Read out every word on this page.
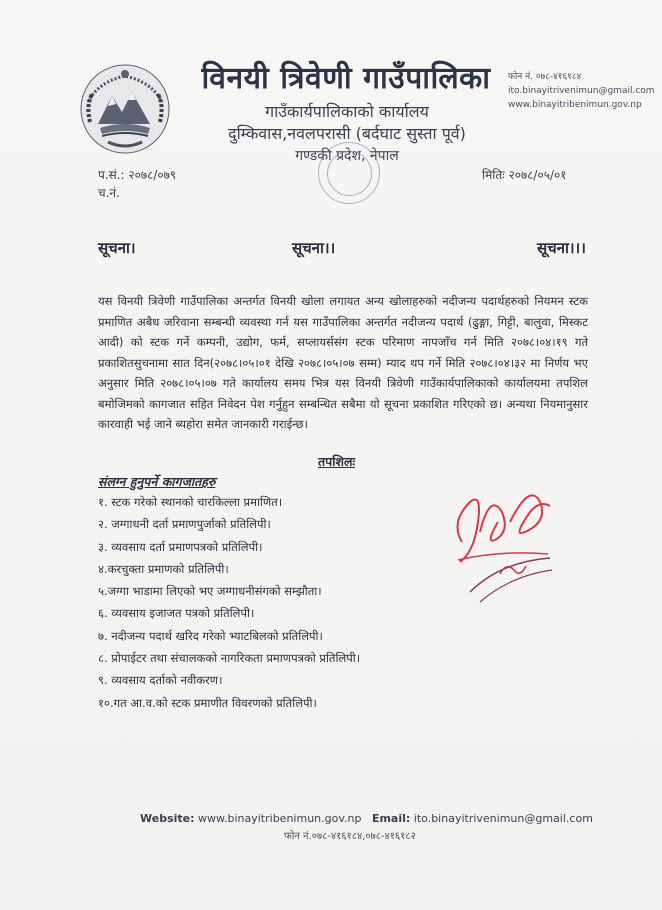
विनयी त्रिवेणी गाउँपालिका
गाउँकार्यपालिकाको कार्यालय
दुम्किवास,नवलपरासी (बर्दघाट सुस्ता पूर्व)
गण्डकी प्रदेश, नेपाल
फोन नं. ०७८-४१६१८४
ito.binayitrivenimun@gmail.com
www.binayitribenimun.gov.np
प.सं.: २०७८/०७९
च.नं.
मितिः २०७८/०५/०१
सूचना।	सूचना।।	सूचना।।।

यस विनयी त्रिवेणी गाउँपालिका अन्तर्गत विनयी खोला लगायत अन्य खोलाहरुको नदीजन्य पदार्थहरुको नियमन स्टक प्रमाणित अबैध जरिवाना सम्बन्धी व्यवस्था गर्न यस गाउँपालिका अन्तर्गत नदीजन्य पदार्थ (ढुङ्गा, गिट्टी, बालुवा, मिस्कट आदी) को स्टक गर्ने कम्पनी, उद्योग, फर्म, सप्लायर्ससंग स्टक परिमाण नापजाँच गर्न मिति २०७८।०४।१९ गते प्रकाशितसुचनामा सात दिन(२०७८।०५।०१ देखि २०७८।०५।०७ सम्म) म्याद थप गर्ने मिति २०७८।०४।३२ मा निर्णय भए अनुसार मिति २०७८।०५।०७ गते कार्यालय समय भित्र यस विनयी त्रिवेणी गाउँकार्यपालिकाको कार्यालयमा तपशिल बमोजिमको कागजात सहित निवेदन पेश गर्नुहुन सम्बन्धित सबैमा यो सूचना प्रकाशित गरिएको छ। अन्यथा नियमानुसार कारवाही भई जाने ब्यहोरा समेत जानकारी गराईन्छ।

तपशिलः
संलग्न हुनुपर्ने कागजातहरु
१. स्टक गरेको स्थानको चारकिल्ला प्रमाणित।
२. जग्गाधनी दर्ता प्रमाणपुर्जाको प्रतिलिपी।
३. व्यवसाय दर्ता प्रमाणपत्रको प्रतिलिपी।
४.करचुक्ता प्रमाणको प्रतिलिपी।
५.जग्गा भाडामा लिएको भए जग्गाधनीसंगको सम्झौता।
६. व्यवसाय इजाजत पत्रको प्रतिलिपी।
७. नदीजन्य पदार्थ खरिद गरेको भ्याटबिलको प्रतिलिपी।
८. प्रोपाईटर तथा संचालकको नागरिकता प्रमाणपत्रको प्रतिलिपी।
९. व्यवसाय दर्ताको नवीकरण।
१०.गत आ.व.को स्टक प्रमाणीत विवरणको प्रतिलिपी।
Website: www.binayitribenimun.gov.np Email: ito.binayitrivenimun@gmail.com
फोन नं.०७८-४१६१८४,०७८-४१६१८२
